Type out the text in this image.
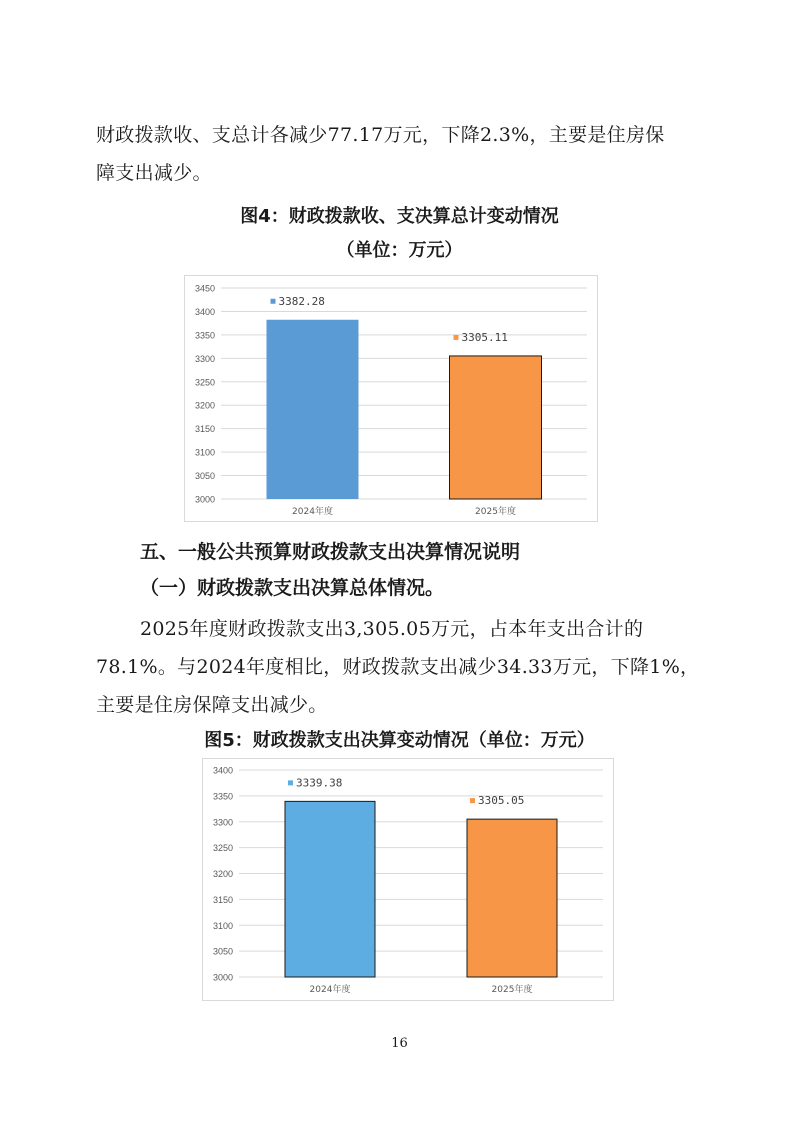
财政拨款收、支总计各减少77.17万元，下降2.3%，主要是住房保
障支出减少。
图4：财政拨款收、支决算总计变动情况
（单位：万元）
3000
3050
3100
3150
3200
3250
3300
3350
3400
3450
3382.28
2024年度
3305.11
2025年度
五、一般公共预算财政拨款支出决算情况说明
（一）财政拨款支出决算总体情况。
2025年度财政拨款支出3,305.05万元，占本年支出合计的
78.1%。与2024年度相比，财政拨款支出减少34.33万元，下降1%，
主要是住房保障支出减少。
图5：财政拨款支出决算变动情况（单位：万元）
3000
3050
3100
3150
3200
3250
3300
3350
3400
3339.38
2024年度
3305.05
2025年度
16
